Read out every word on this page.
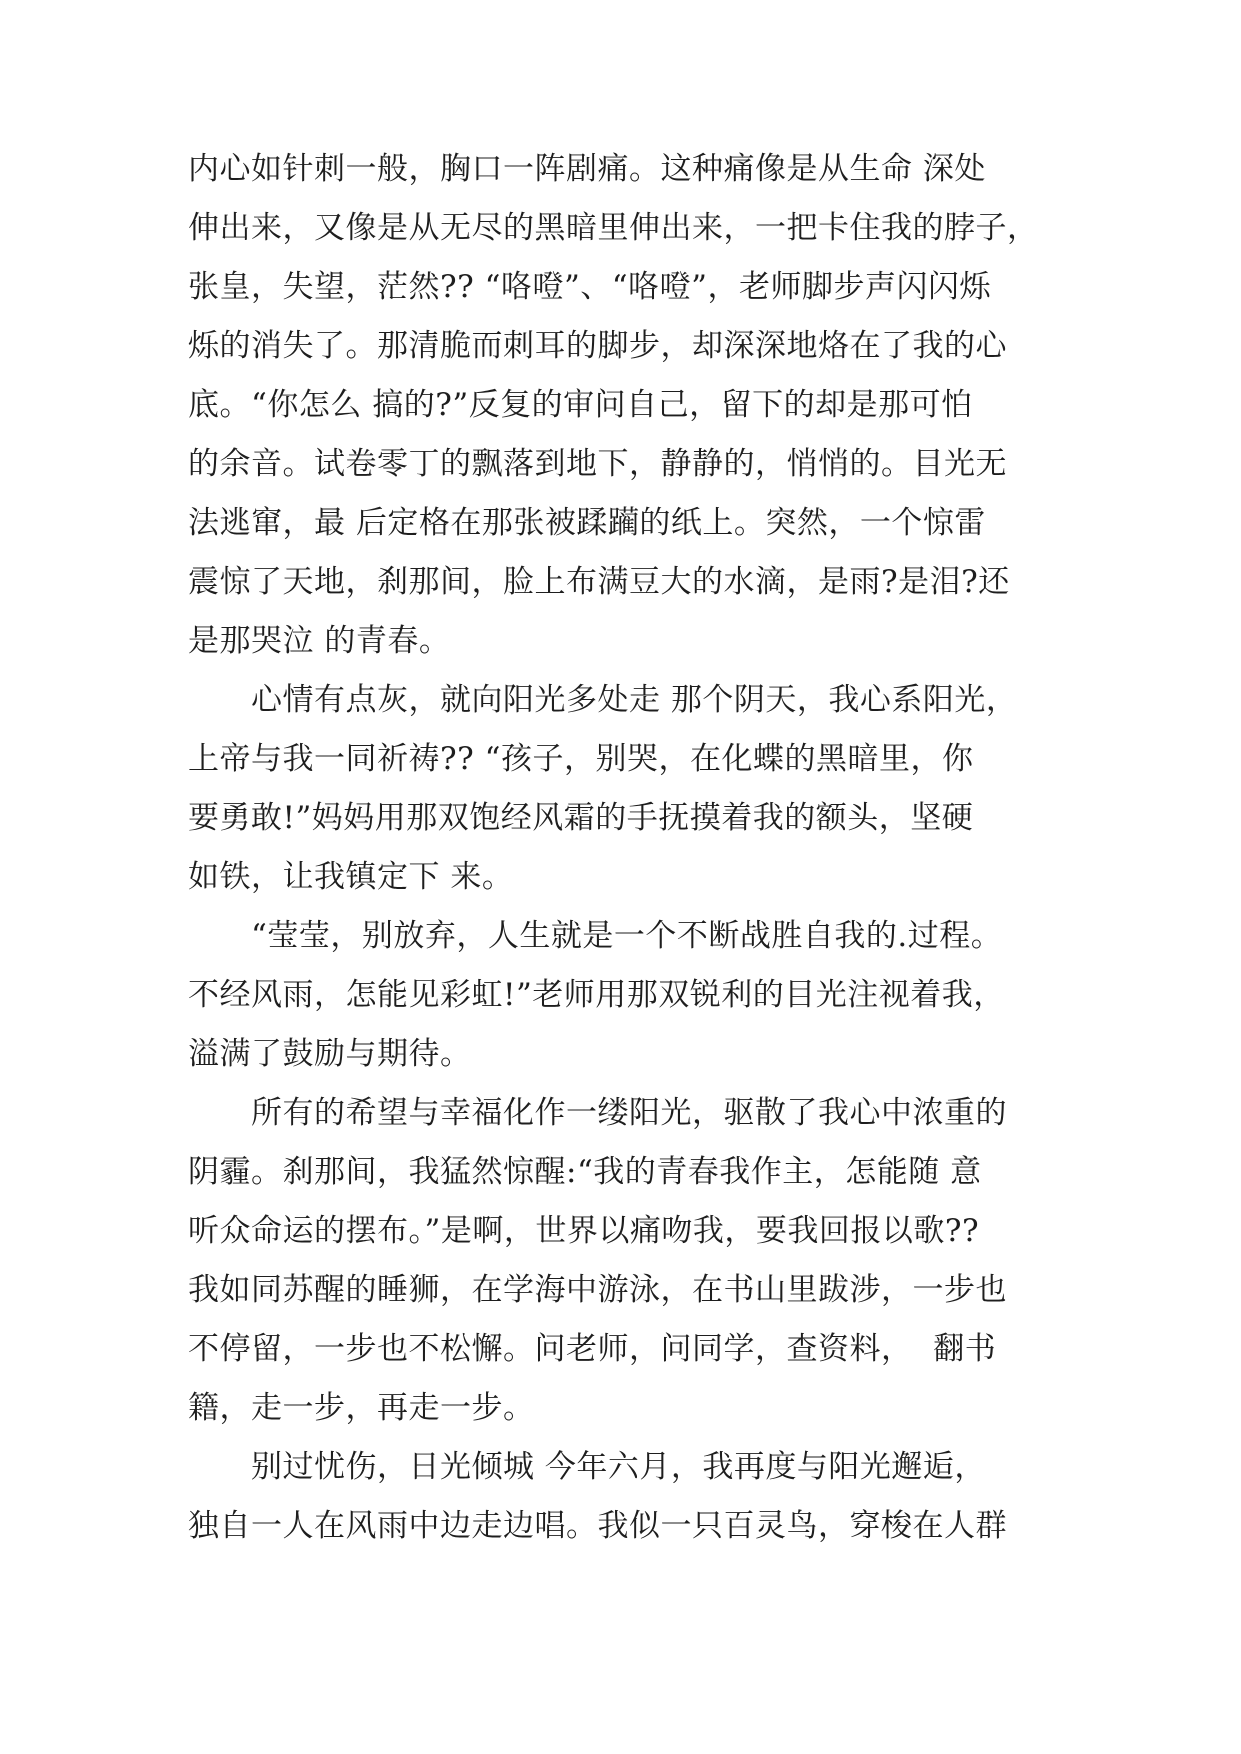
内心如针刺一般，胸口一阵剧痛。这种痛像是从生命 深处
伸出来，又像是从无尽的黑暗里伸出来，一把卡住我的脖子，
张皇，失望，茫然?? “咯噔”、“咯噔”，老师脚步声闪闪烁
烁的消失了。那清脆而刺耳的脚步，却深深地烙在了我的心
底。“你怎么 搞的?”反复的审问自己，留下的却是那可怕
的余音。试卷零丁的飘落到地下，静静的，悄悄的。目光无
法逃窜，最 后定格在那张被蹂躏的纸上。突然，一个惊雷
震惊了天地，刹那间，脸上布满豆大的水滴，是雨?是泪?还
是那哭泣 的青春。
　　心情有点灰，就向阳光多处走 那个阴天，我心系阳光，
上帝与我一同祈祷?? “孩子，别哭，在化蝶的黑暗里，你
要勇敢!”妈妈用那双饱经风霜的手抚摸着我的额头，坚硬
如铁，让我镇定下 来。
　　“莹莹，别放弃，人生就是一个不断战胜自我的.过程。
不经风雨，怎能见彩虹!”老师用那双锐利的目光注视着我，
溢满了鼓励与期待。
　　所有的希望与幸福化作一缕阳光，驱散了我心中浓重的
阴霾。刹那间，我猛然惊醒:“我的青春我作主，怎能随 意
听众命运的摆布。”是啊，世界以痛吻我，要我回报以歌??
我如同苏醒的睡狮，在学海中游泳，在书山里跋涉，一步也
不停留，一步也不松懈。问老师，问同学，查资料，  翻书
籍，走一步，再走一步。
　　别过忧伤，日光倾城 今年六月，我再度与阳光邂逅，
独自一人在风雨中边走边唱。我似一只百灵鸟，穿梭在人群
